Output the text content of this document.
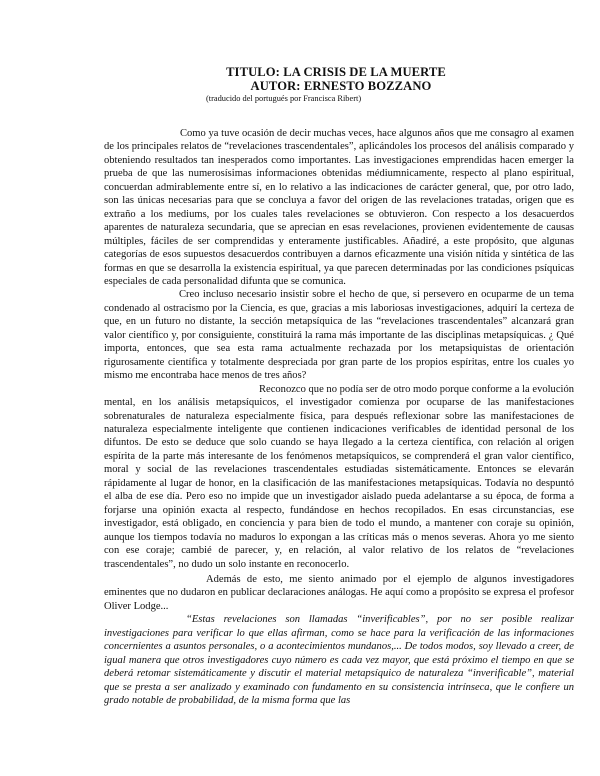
TITULO: LA CRISIS DE LA MUERTE
AUTOR: ERNESTO BOZZANO
(traducido del portugués por Francisca Ribert)

Como ya tuve ocasión de decir muchas veces, hace algunos años que me consagro al examen de los principales relatos de “revelaciones trascendentales”, aplicándoles los procesos del análisis comparado y obteniendo resultados tan inesperados como importantes. Las investigaciones emprendidas hacen emerger la prueba de que las numerosísimas informaciones obtenidas médiumnicamente, respecto al plano espiritual, concuerdan admirablemente entre sí, en lo relativo a las indicaciones de carácter general, que, por otro lado, son las únicas necesarias para que se concluya a favor del origen de las revelaciones tratadas, origen que es extraño a los mediums, por los cuales tales revelaciones se obtuvieron. Con respecto a los desacuerdos aparentes de naturaleza secundaria, que se aprecian en esas revelaciones, provienen evidentemente de causas múltiples, fáciles de ser comprendidas y enteramente justificables. Añadiré, a este propósito, que algunas categorías de esos supuestos desacuerdos contribuyen a darnos eficazmente una visión nítida y sintética de las formas en que se desarrolla la existencia espiritual, ya que parecen determinadas por las condiciones psíquicas especiales de cada personalidad difunta que se comunica.

Creo incluso necesario insistir sobre el hecho de que, si persevero en ocuparme de un tema condenado al ostracismo por la Ciencia, es que, gracias a mis laboriosas investigaciones, adquirí la certeza de que, en un futuro no distante, la sección metapsíquica de las “revelaciones trascendentales” alcanzará gran valor científico y, por consiguiente, constituirá la rama más importante de las disciplinas metapsíquicas. ¿ Qué importa, entonces, que sea esta rama actualmente rechazada por los metapsiquistas de orientación rigurosamente científica y totalmente despreciada por gran parte de los propios espíritas, entre los cuales yo mismo me encontraba hace menos de tres años?

Reconozco que no podía ser de otro modo porque conforme a la evolución mental, en los análisis metapsíquicos, el investigador comienza por ocuparse de las manifestaciones sobrenaturales de naturaleza especialmente física, para después reflexionar sobre las manifestaciones de naturaleza especialmente inteligente que contienen indicaciones verificables de identidad personal de los difuntos. De esto se deduce que solo cuando se haya llegado a la certeza científica, con relación al origen espírita de la parte más interesante de los fenómenos metapsíquicos, se comprenderá el gran valor científico, moral y social de las revelaciones trascendentales estudiadas sistemáticamente. Entonces se elevarán rápidamente al lugar de honor, en la clasificación de las manifestaciones metapsíquicas. Todavía no despuntó el alba de ese día. Pero eso no impide que un investigador aislado pueda adelantarse a su época, de forma a forjarse una opinión exacta al respecto, fundándose en hechos recopilados. En esas circunstancias, ese investigador, está obligado, en conciencia y para bien de todo el mundo, a mantener con coraje su opinión, aunque los tiempos todavía no maduros lo expongan a las críticas más o menos severas. Ahora yo me siento con ese coraje; cambié de parecer, y, en relación, al valor relativo de los relatos de “revelaciones trascendentales”, no dudo un solo instante en reconocerlo.

Además de esto, me siento animado por el ejemplo de algunos investigadores eminentes que no dudaron en publicar declaraciones análogas. He aquí como a propósito se expresa el profesor Oliver Lodge...

“Estas revelaciones son llamadas “inverificables”, por no ser posible realizar investigaciones para verificar lo que ellas afirman, como se hace para la verificación de las informaciones concernientes a asuntos personales, o a acontecimientos mundanos,... De todos modos, soy llevado a creer, de igual manera que otros investigadores cuyo número es cada vez mayor, que está próximo el tiempo en que se deberá retomar sistemáticamente y discutir el material metapsíquico de naturaleza “inverificable”, material que se presta a ser analizado y examinado con fundamento en su consistencia intrínseca, que le confiere un grado notable de probabilidad, de la misma forma que las
